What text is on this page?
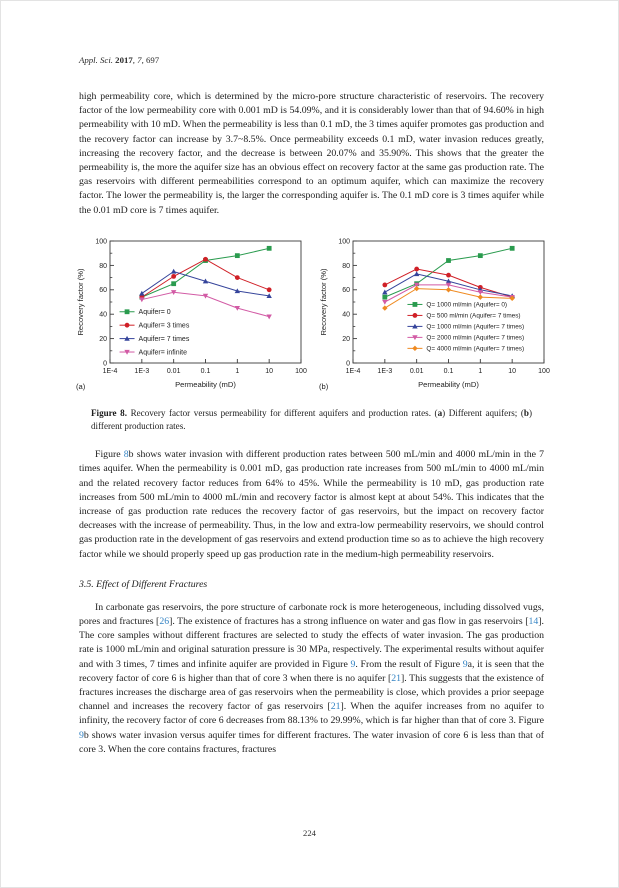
Appl. Sci. 2017, 7, 697

high permeability core, which is determined by the micro-pore structure characteristic of reservoirs. The recovery factor of the low permeability core with 0.001 mD is 54.09%, and it is considerably lower than that of 94.60% in high permeability with 10 mD. When the permeability is less than 0.1 mD, the 3 times aquifer promotes gas production and the recovery factor can increase by 3.7~8.5%. Once permeability exceeds 0.1 mD, water invasion reduces greatly, increasing the recovery factor, and the decrease is between 20.07% and 35.90%. This shows that the greater the permeability is, the more the aquifer size has an obvious effect on recovery factor at the same gas production rate. The gas reservoirs with different permeabilities correspond to an optimum aquifer, which can maximize the recovery factor. The lower the permeability is, the larger the corresponding aquifer is. The 0.1 mD core is 3 times aquifer while the 0.01 mD core is 7 times aquifer.

0
20
40
60
80
100
1E-4 1E-3	0.01	0.1	1	10	100
Permeability (mD)
Recovery factor (%)
(a)
Aquifer= 0
Aquifer= 3 times
Aquifer= 7 times
Aquifer= infinite
0
20
40
60
80
100
1E-4 1E-3	0.01	0.1	1	10	100
Permeability (mD)
Recovery factor (%)
(b)
Q= 1000 ml/min (Aquifer= 0)
Q= 500 ml/min (Aquifer= 7 times)
Q= 1000 ml/min (Aquifer= 7 times)
Q= 2000 ml/min (Aquifer= 7 times)
Q= 4000 ml/min (Aquifer= 7 times)

Figure 8. Recovery factor versus permeability for different aquifers and production rates. (a) Different aquifers; (b) different production rates.

Figure 8b shows water invasion with different production rates between 500 mL/min and 4000 mL/min in the 7 times aquifer. When the permeability is 0.001 mD, gas production rate increases from 500 mL/min to 4000 mL/min and the related recovery factor reduces from 64% to 45%. While the permeability is 10 mD, gas production rate increases from 500 mL/min to 4000 mL/min and recovery factor is almost kept at about 54%. This indicates that the increase of gas production rate reduces the recovery factor of gas reservoirs, but the impact on recovery factor decreases with the increase of permeability. Thus, in the low and extra-low permeability reservoirs, we should control gas production rate in the development of gas reservoirs and extend production time so as to achieve the high recovery factor while we should properly speed up gas production rate in the medium-high permeability reservoirs.

3.5. Effect of Different Fractures

In carbonate gas reservoirs, the pore structure of carbonate rock is more heterogeneous, including dissolved vugs, pores and fractures [26]. The existence of fractures has a strong influence on water and gas flow in gas reservoirs [14]. The core samples without different fractures are selected to study the effects of water invasion. The gas production rate is 1000 mL/min and original saturation pressure is 30 MPa, respectively. The experimental results without aquifer and with 3 times, 7 times and infinite aquifer are provided in Figure 9. From the result of Figure 9a, it is seen that the recovery factor of core 6 is higher than that of core 3 when there is no aquifer [21]. This suggests that the existence of fractures increases the discharge area of gas reservoirs when the permeability is close, which provides a prior seepage channel and increases the recovery factor of gas reservoirs [21]. When the aquifer increases from no aquifer to infinity, the recovery factor of core 6 decreases from 88.13% to 29.99%, which is far higher than that of core 3. Figure 9b shows water invasion versus aquifer times for different fractures. The water invasion of core 6 is less than that of core 3. When the core contains fractures, fractures

224
